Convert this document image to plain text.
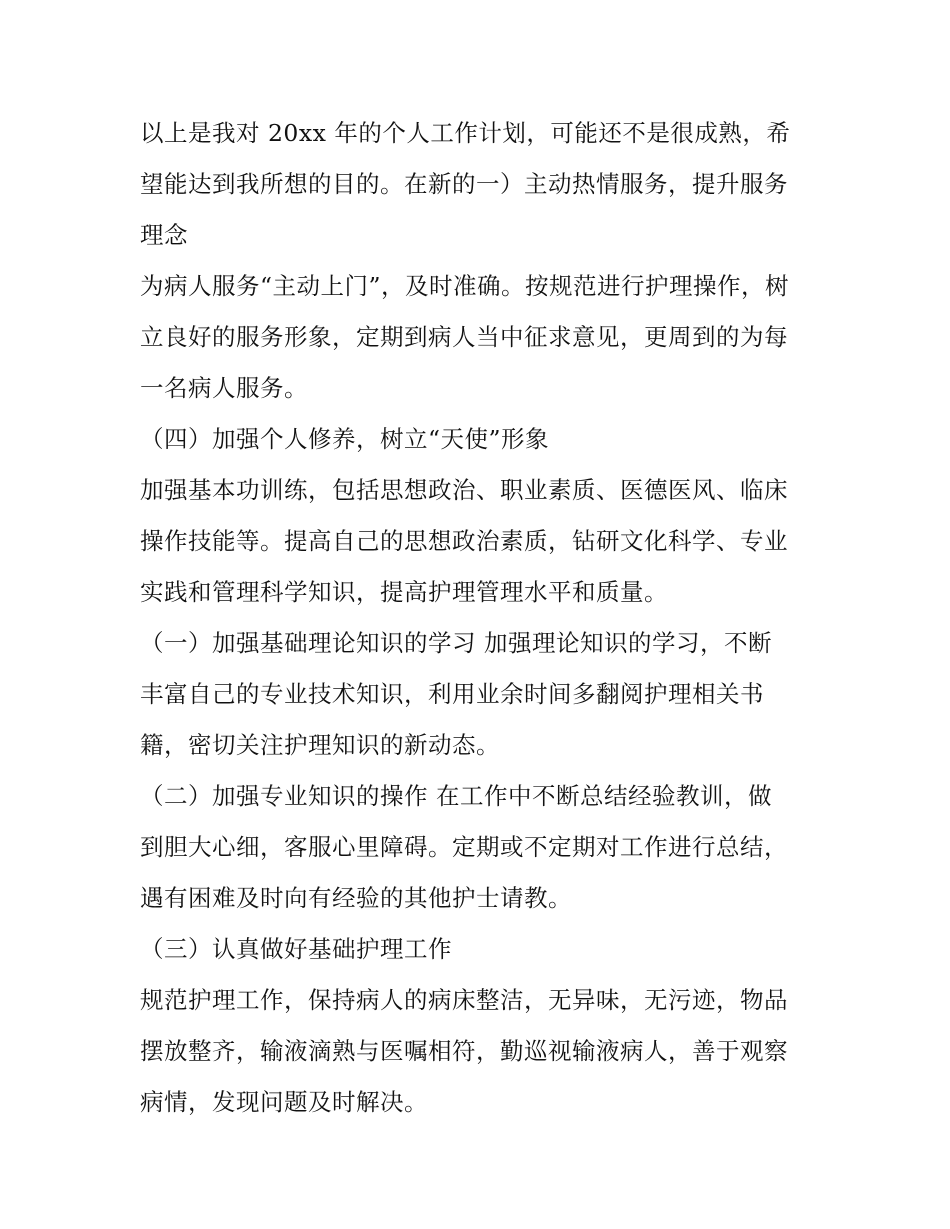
以上是我对 20xx 年的个人工作计划，可能还不是很成熟，希
望能达到我所想的目的。在新的一）主动热情服务，提升服务
理念
为病人服务“主动上门”，及时准确。按规范进行护理操作，树
立良好的服务形象，定期到病人当中征求意见，更周到的为每
一名病人服务。
（四）加强个人修养，树立“天使”形象
加强基本功训练，包括思想政治、职业素质、医德医风、临床
操作技能等。提高自己的思想政治素质，钻研文化科学、专业
实践和管理科学知识，提高护理管理水平和质量。
（一）加强基础理论知识的学习 加强理论知识的学习，不断
丰富自己的专业技术知识，利用业余时间多翻阅护理相关书
籍，密切关注护理知识的新动态。
（二）加强专业知识的操作 在工作中不断总结经验教训，做
到胆大心细，客服心里障碍。定期或不定期对工作进行总结，
遇有困难及时向有经验的其他护士请教。
（三）认真做好基础护理工作
规范护理工作，保持病人的病床整洁，无异味，无污迹，物品
摆放整齐，输液滴熟与医嘱相符，勤巡视输液病人，善于观察
病情，发现问题及时解决。
